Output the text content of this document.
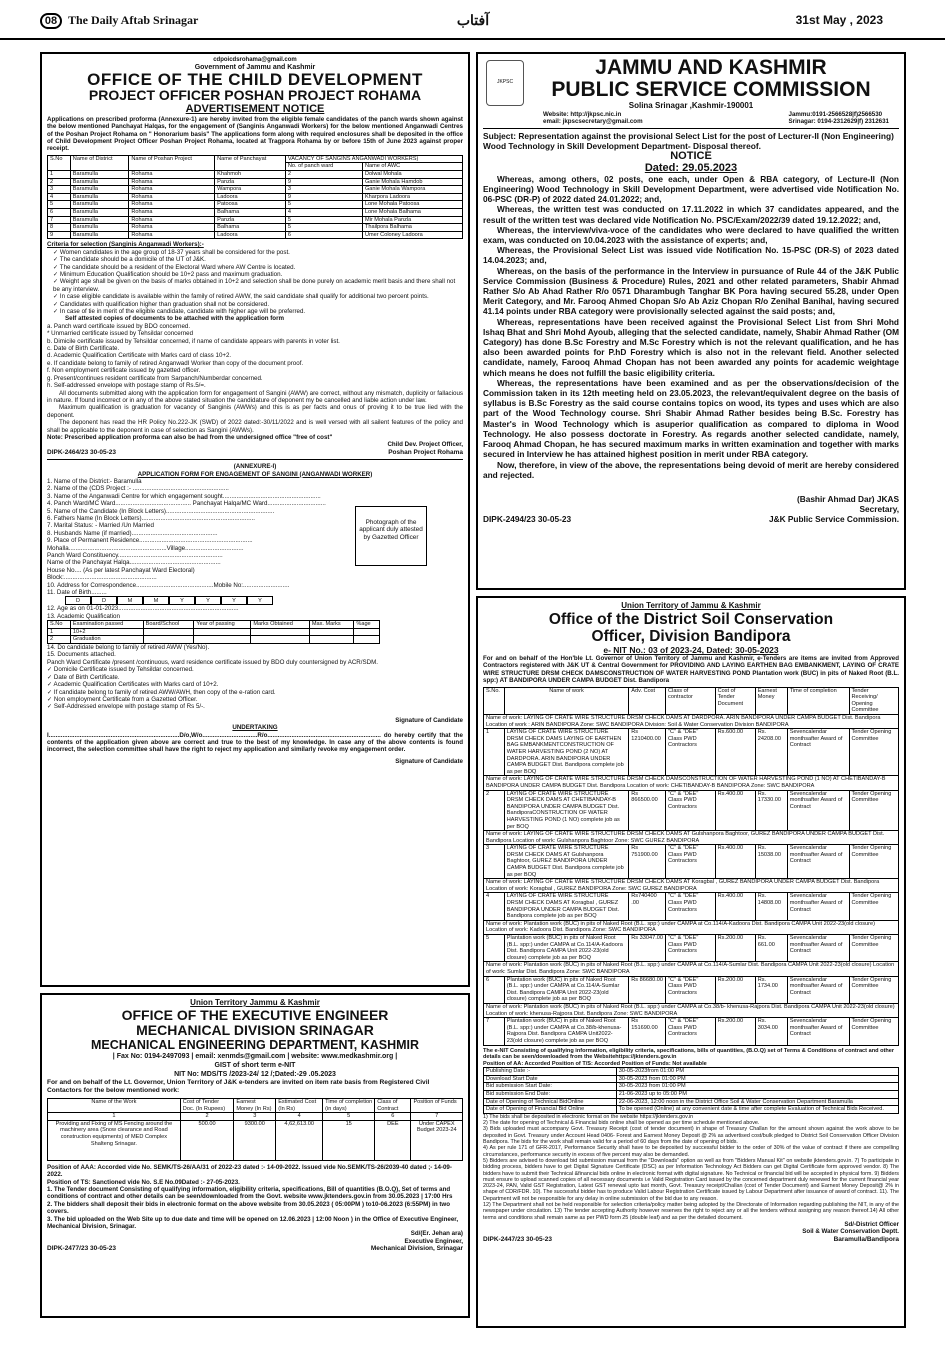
08 The Daily Aftab Srinagar	آفتاب	31st May , 2023
cdpoicdsrohama@gmail.com
Government of Jammu and Kashmir
OFFICE OF THE CHILD DEVELOPMENT
PROJECT OFFICER POSHAN PROJECT ROHAMA
ADVERTISEMENT NOTICE

Applications on prescribed proforma (Annexure-1) are hereby invited from the eligible female candidates of the panch wards shown against the below mentioned Panchayat Halqas, for the engagement of (Sanginis Anganwadi Workers) for the below mentioned Anganwadi Centres of the Poshan Project Rohama on " Honorarium basis" The applications form along with required enclosures shall be deposited in the office of Child Development Project Officer Poshan Project Rohama, located at Tragpora Rohama by or before 15th of June 2023 against proper receipt.

S.No	Name of District	Name of Poshan Project	Name of Panchayat	VACANCY OF SANGINS ANGANWADI WORKERS)	
				No. of panch ward	Name of AWC
1	Baramulla	Rohama	Khahmoh	2	Dolwal Mohala
2	Baramulla	Rohama	Panzla	9	Ganie Mohala Hamdob
3	Baramulla	Rohama	Wampora	3	Ganie Mohala Wampora
4	Baramulla	Rohama	Ladoora	9	Kharpora Ladoora
5	Baramulla	Rohama	Patoosa	5	Lone Mohala Patoosa
6	Baramulla	Rohama	Balhama	4	Lone Mohala Balhama
7	Baramulla	Rohama	Panzla	5	Mir Mohala Panzla
8	Baramulla	Rohama	Balhama	5	Thailpora Balhama
9	Baramulla	Rohama	Ladoora	6	Umer Coloney Ladoora

Criteria for selection (Sanginis Anganwadi Workers):-

✓ Women candidates in the age group of 18-37 years shall be considered for the post.

✓ The candidate should be a domicile of the UT of J&K.

✓ The candidate should be a resident of the Electoral Ward where AW Centre is located.

✓ Minimum Education Qualification should be 10+2 pass and maximum graduation.

✓ Weight age shall be given on the basis of marks obtained in 10+2 and selection shall be done purely on academic merit basis and there shall not be any interview.

✓ In case eligible candidate is available within the family of retired AWW, the said candidate shall qualify for additional two percent points.

✓ Candidates with qualification higher than graduation shall not be considered.

✓ In case of tie in merit of the eligible candidate, candidate with higher age will be preferred.

Self attested copies of documents to be attached with the application form

a. Panch ward certificate issued by BDO concerned.

* Unmarried certificate issued by Tehsildar concerned

b. Dimicile certificate issued by Tehsildar concerned, if name of candidate appears with parents in voter list.

c. Date of Birth Certificate.

d. Academic Qualification Certificate with Marks card of class 10+2.

e. If candidate belong to family of retired AnganwadI Worker than copy of the document proof.

f. Non employment certificate issued by gazetted officer.

g. Present/continues resident certificate from Sarpanch/Numberdar concerned.

h. Self-addressed envelope with postage stamp of Rs.5/=.

All documents submitted along with the application form for engagement of Sangini (AWW) are correct, without any mismatch, duplicity or fallacious in nature. If found incorrect or in any of the above stated situation the candidature of deponent my be cancelled and liable action under law.

Maximum qualification is graduation for vacancy of Sanginis (AWWs) and this is as per facts and onus of proving it to be true lied with the deponent.

The deponent has read the HR Policy No.222-JK (SWD) of 2022 dated:-30/11/2022 and is well versed with all sailent features of the policy and shall be applicable to the deponent in case of selection as Sangini (AWWs).

Note: Prescribed application proforma can also be had from the undersigned office "free of cost"

Child Dev. Project Officer,

DIPK-2464/23 30-05-23	Poshan Project Rohama

(ANNEXURE-I)

APPLICATION FORM FOR ENGAGEMENT OF SANGINI (ANGANWADI WORKER)

Photograph of the applicant duly attested by Gazetted Officer

1. Name of the District:- Baramulla

2. Name of the (CDS Project :- ........................................................

3. Name of the Anganwadi Centre for which engagement sought.........................................................

4. Panch Ward/MC Ward............................................ Panchayat Halqa/MC Ward..................................

5. Name of the Candidate (In Block Letters)...............................................................

6. Fathers Name (In Block Letters)..................................................................

7. Marital Status: - Married /Un Married

8. Husbands Name (if married)..................................................

9. Place of Permanent Residence..................................................................

Mohalla.........................................................Village..................................

Panch Ward Constituency.............................................................

Name of the Panchayat Halqa.....................................................

House No.... (As per latest Panchayat Ward Electoral)

Block:......................................................

10. Address for Correspondence.............................................Mobile No:...........................

11. Date of Birth.........

D	D	M	M	Y	Y	Y	Y

12. Age as on 01-01-2023......................................................................

13. Academic Qualification

S.No	Examination passed	Board/School	Year of passing	Marks Obtained	Max. Marks	%age
1	10+2					
2	Graduation					

14. Do candidate belong to family of retired AWW (Yes/No).

15. Documents attached.

Panch Ward Certificate /present /continuous, ward residence certificate issued by BDO duly countersigned by ACR/SDM.

✓ Domicile Certificate issued by Tehsildar concerned.

✓ Date of Birth Certificate.

✓ Academic Qualification Certificates with Marks card of 10+2.

✓ If candidate belong to family of retired AWW/AWH, then copy of the e-ration card.

✓ Non employment Certificate from a Gazetted Officer.

✓ Self-Addressed envelope with postage stamp of Rs 5/-.

Signature of Candidate

UNDERTAKING

I............................................................................D/o,W/o................................R/o.................................................................. do hereby certify that the contents of the application given above are correct and true to the best of my knowledge. In case any of the above contents is found incorrect, the selection committee shall have the right to reject my application and similarly revoke my engagement order.

Signature of Candidate

Union Territory Jammu & Kashmir
OFFICE OF THE EXECUTIVE ENGINEER
MECHANICAL DIVISION SRINAGAR
MECHANICAL ENGINEERING DEPARTMENT, KASHMIR

| Fax No: 0194-2497093 | email: xenmds@gmail.com | website: www.medkashmir.org |

GIST of short term e-NIT

NIT No: MDS/TS /2023-24/ 12 /;Dated:-29 .05.2023

For and on behalf of the Lt. Governor, Union Territory of J&K e-tenders are invited on item rate basis from Registered Civil Contactors for the below mentioned work:

Name of the Work	Cost of Tender Doc. (In Rupees)	Earnest Money (In Rs)	Estimated Cost (In Rs)	Time of completion (in days)	Class of Contract	Position of Funds
1	2	3	4	5	6	7
Providing and Fixing of MS Fencing around the machinery area (Snow clearance and Road construction equipments) of MED Complex Shalteng Srinagar.	500.00	9300.00	4,62,613.00	15	DEE	Under CAPEX Budget 2023-24

Position of AAA: Accorded vide No. SEMK/TS-26/AA/31 of 2022-23 dated :- 14-09-2022. Issued vide No.SEMK/TS-26/2039-40 dated ;- 14-09-2022.

Position of TS: Sanctioned vide No. S.E No.09Dated :- 27-05-2023.

1. The Tender document Consisting of qualifying information, eligibility criteria, specifications, Bill of quantities (B.O.Q), Set of terms and conditions of contract and other details can be seen/downloaded from the Govt. website www.jktenders.gov.in from 30.05.2023 | 17:00 Hrs

2. The bidders shall deposit their bids in electronic format on the above website from 30.05.2023 ( 05:00PM ) to10-06.2023 (6:55PM) in two covers.

3. The bid uploaded on the Web Site up to due date and time will be opened on 12.06.2023 | 12:00 Noon ) in the Office of Executive Engineer, Mechanical Division, Srinagar.

Sd/(Er. Jehan ara)

Executive Engineer,

DIPK-2477/23 30-05-23	Mechanical Division, Srinagar
JKPSC
JAMMU AND KASHMIR
PUBLIC SERVICE COMMISSION

Solina Srinagar ,Kashmir-190001

Website: http://jkpsc.nic.in

email: jkpscsecretary@gmail.com

Jammu:0191-2566528|f)2566530

Srinagar: 0194-2312629|f) 2312631

Subject: Representation against the provisional Select List for the post of Lecturer-II (Non Engineering) Wood Technology in Skill Development Department- Disposal thereof.

NOTICE

Dated: 29.05.2023

Whereas, among others, 02 posts, one each, under Open & RBA category, of Lecture-II (Non Engineering) Wood Technology in Skill Development Department, were advertised vide Notification No. 06-PSC (DR-P) of 2022 dated 24.01.2022; and,

Whereas, the written test was conducted on 17.11.2022 in which 37 candidates appeared, and the result of the written test was declared vide Notification No. PSC/Exam/2022/39 dated 19.12.2022; and,

Whereas, the interview/viva-voce of the candidates who were declared to have qualified the written exam, was conducted on 10.04.2023 with the assistance of experts; and,

Whereas, the Provisional Select List was issued vide Notification No. 15-PSC (DR-S) of 2023 dated 14.04.2023; and,

Whereas, on the basis of the performance in the Interview in pursuance of Rule 44 of the J&K Public Service Commission (Business & Procedure) Rules, 2021 and other related parameters, Shabir Ahmad Rather S/o Ab Ahad Rather R/o 0571 Dharambugh Tanghar BK Pora having secured 55.28, under Open Merit Category, and Mr. Farooq Ahmed Chopan S/o Ab Aziz Chopan R/o Zenihal Banihal, having secured 41.14 points under RBA category were provisionally selected against the said posts; and,

Whereas, representations have been received against the Provisional Select List from Shri Mohd Ishaq Bhat and Shri Mohd Ayoub, alleging that the selected candidate, namely, Shabir Ahmad Rather (OM Category) has done B.Sc Forestry and M.Sc Forestry which is not the relevant qualification, and he has also been awarded points for P.hD Forestry which is also not in the relevant field. Another selected candidate, namely, Farooq Ahmad Chopan has not been awarded any points for academic weightage which means he does not fulfill the basic eligibility criteria.

Whereas, the representations have been examined and as per the observations/decision of the Commission taken in its 12th meeting held on 23.05.2023, the relevant/equivalent degree on the basis of syllabus is B.Sc Forestry as the said course contains topics on wood, its types and uses which are also part of the Wood Technology course. Shri Shabir Ahmad Rather besides being B.Sc. Forestry has Master's in Wood Technology which is asuperior qualification as compared to diploma in Wood Technology. He also possess doctorate in Forestry. As regards another selected candidate, namely, Farooq Ahmad Chopan, he has secured maximum marks in written examination and together with marks secured in Interview he has attained highest position in merit under RBA category.

Now, therefore, in view of the above, the representations being devoid of merit are hereby considered and rejected.

(Bashir Ahmad Dar) JKAS

Secretary,

DIPK-2494/23 30-05-23	J&K Public Service Commission.
Union Territory of Jammu & Kashmir
Office of the District Soil Conservation
Officer, Division Bandipora

e- NIT No.: 03 of 2023-24, Dated: 30-05-2023

For and on behalf of the Hon'ble Lt. Governor of Union Territory of Jammu and Kashmir, e-Tenders are items are invited from Approved Contractors registered with J&K UT & Central Government for PROVIDING AND LAYING EARTHEN BAG EMBANKMENT, LAYING OF CRATE WIRE STRUCTURE DRSM CHECK DAMSCONSTRUCTION OF WATER HARVESTING POND Plantation work (BUC) in pits of Naked Root (B.L. spp:) AT BANDIPORA UNDER CAMPA BUDGET Dist. Bandipora

S.No.	Name of work	Adv. Cost	Class of contractor	Cost of Tender Document	Earnest Money	Time of completion	Tender Receiving/ Opening Committee
Name of work: LAYING OF CRATE WIRE STRUCTURE DRSM CHECK DAMS AT DARDPORA. ARIN BANDIPORA UNDER CAMPA BUDGET Dist. Bandipora Location of work : ARIN BANDIPORA Zone: SWC BANDIPORA Division: Soil & Water Conservation Division BANDIPORA							
1	LAYING OF CRATE WIRE STRUCTURE DRSM CHECK DAMS LAYING OF EARTHEN BAG EMBANKMENTCONSTRUCTION OF WATER HARVESTING POND (2 NO) AT DARDPORA. ARIN BANDIPORA UNDER CAMPA BUDGET Dist. Bandipora complete job as per BOQ	Rs 1210400.00	"C" & "DEE" Class PWD Contractors	Rs.600.00	Rs. 24208.00	Sevencalendar monthsafter Award of Contract	Tender Opening Committee
Name of work: LAYING OF CRATE WIRE STRUCTURE DRSM CHECK DAMSCONSTRUCTION OF WATER HARVESTING POND (1 NO) AT CHETIBANDAY-B BANDIPORA UNDER CAMPA BUDGET Dist. Bandipora Location of work: CHETIBANDAY-B BANDIPORA Zone: SWC BANDIPORA							
2	LAYING OF CRATE WIRE STRUCTURE DRSM CHECK DAMS AT CHETIBANDAY-B BANDIPORA UNDER CAMPA BUDGET Dist. BandiporaCONSTRUCTION OF WATER HARVESTING POND (1 NO) complete job as per BOQ	Rs 866500.00	"C" & "DEE" Class PWD Contractors	Rs.400.00	Rs. 17330.00	Sevencalendar monthsafter Award of Contract	Tender Opening Committee
Name of work: LAYING OF CRATE WIRE STRUCTURE DRSM CHECK DAMS AT Gulshanpora Baghtoor, GUREZ BANDIPORA UNDER CAMPA BUDGET Dist. Bandipora Location of work: Gulshanpora Baghtoor Zone: SWC GUREZ BANDIPORA							
3	LAYING OF CRATE WIRE STRUCTURE DRSM CHECK DAMS AT Gulshanpora Baghtoor, GUREZ BANDIPORA UNDER CAMPA BUDGET Dist. Bandipora complete job as per BOQ	Rs 751900.00	"C" & "DEE" Class PWD Contractors	Rs.400.00	Rs. 15038.00	Sevencalendar monthsafter Award of Contract	Tender Opening Committee
Name of work: LAYING OF CRATE WIRE STRUCTURE DRSM CHECK DAMS AT Koragbal , GUREZ BANDIPORA UNDER CAMPA BUDGET Dist. Bandipora Location of work: Koragbal , GUREZ BANDIPORA Zone: SWC GUREZ BANDIPORA							
4	LAYING OF CRATE WIRE STRUCTURE DRSM CHECK DAMS AT Koragbal , GUREZ BANDIPORA UNDER CAMPA BUDGET Dist. Bandipora complete job as per BOQ	Rs740400 .00	"C" & "DEE" Class PWD Contractors	Rs.400.00	Rs. 14808.00	Sevencalendar monthsafter Award of Contract	Tender Opening Committee
Name of work: Plantation work (BUC) in pits of Naked Root (B.L. spp:) under CAMPA at Co.114/A-Kadoora Dist. Bandipora CAMPA Unit 2022-23(old closure) Location of work: Kadoora Dist. Bandipora Zone: SWC BANDIPORA							
5	Plantation work (BUC) in pits of Naked Root (B.L. spp:) under CAMPA at Co.114/A-Kadoora Dist. Bandipora CAMPA Unit 2022-23(old closure) complete job as per BOQ	Rs 33047.00	"C" & "DEE" Class PWD Contractors	Rs.200.00	Rs. 661.00	Sevencalendar monthsafter Award of Contract	Tender Opening Committee
Name of work: Plantation work (BUC) in pits of Naked Root (B.L. spp:) under CAMPA at Co.114/A-Sumlar Dist. Bandipora CAMPA Unit 2022-23(old closure) Location of work: Sumlar Dist. Bandipora Zone: SWC BANDIPORA							
6	Plantation work (BUC) in pits of Naked Root (B.L. spp:) under CAMPA at Co.114/A-Sumlar Dist. Bandipora CAMPA Unit 2022-23(old closure) complete job as per BOQ	Rs 86680.00	"C" & "DEE" Class PWD Contractors	Rs.200.00	Rs. 1734.00	Sevencalendar monthsafter Award of Contract	Tender Opening Committee
Name of work: Plantation work (BUC) in pits of Naked Root (B.L. spp:) under CAMPA at Co.38/b- khenusa-Rajpora Dist. Bandipora CAMPA Unit 2022-23(old closure) Location of work: khenusa-Rajpora Dist. Bandipora Zone: SWC BANDIPORA							
7	Plantation work (BUC) in pits of Naked Root (B.L. spp:) under CAMPA at Co.38/b-khenusa-Rajpora Dist. Bandipora CAMPA Unit2022-23(old closure) complete job as per BOQ	Rs 151690.00	"C" & "DEE" Class PWD Contractors	Rs.200.00	Rs. 3034.00	Sevencalendar monthsafter Award of Contract	Tender Opening Committee

The e-NIT Consisting of qualifying information, eligibility criteria, specifications, bills of quantities, (B.O.Q) set of Terms & Conditions of contract and other details can be seen/downloaded from the Websitehttps://jktenders.gov.in

Position of AA: Accorded Position of T/S: Accorded Position of Funds: Not available

Publishing Date :-	30-05-2023from 01:00 PM
Download Start Date	30-05-2023 from 01:00 PM
Bid submission Start Date:	30-05-2023 from 01:00 PM
Bid submission End Date:	21-06-2023 up to 05:00 PM
Date of Opening of Technical BidOnline	22-06-2023, 12:00 noon in the District Office Soil & Water Conservation Department Baramulla
Date of Opening of Financial Bid Online	To be opened (Online) at any convenient date & time after complete Evaluation of Technical Bids Received.

1) The bids shall be deposited in electronic format on the website https://jktenders.gov.in

2) The date for opening of Technical & Financial bids online shall be opened as per time schedule mentioned above.

3) Bids uploaded must accompany Govt. Treasury Receipt (cost of tender document) in shape of Treasury Challan for the amount shown against the work above to be deposited in Govt. Treasury under Account Head 0406- Forest and Earnest Money Deposit @ 2% as advertised cost/bulk pledged to District Soil Conservation Officer Division Bandipora. The bids for the work shall remain valid for a period of 60 days from the date of opening of bids.

4) As per rule 171 of GFR-2017, Performance Security shall have to be deposited by successful bidder to the order of 30% of the value of contract if there are compelling circumstances, performance security in excess of five percent may also be demanded.

5) Bidders are advised to download bid submission manual from the "Downloads" option as well as from "Bidders Manual Kit" on website jktenders.gov.in. 7) To participate in bidding process, bidders have to get Digital Signature Certificate (DSC) as per Information Technology Act Bidders can get Digital Certificate form approved vendor. 8) The bidders have to submit their Technical &financial bids online in electronic format with digital signature. No Technical or financial bid will be accepted in physical form. 9) Bidders must ensure to upload scanned copies of all necessary documents i.e Valid Registration Card issued by the concerned department duly renewed for the current financial year 2023-24, PAN, Valid GST Registration, Latest GST renewal upto last month, Govt. Treasury receipt/Challan (cost of Tender Document) and Earnest Money Deposit@ 2% in shape of CDR/FDR. 10). The successful bidder has to produce Valid Labour Registration Certificate issued by Labour Department after issuance of award of contract. 11). The Department will not be responsible for any delay in online submission of the bid due to any reason.

12) The Department shall not be held responsible for selection criteria/policy matter being adopted by the Directorate of Information regarding publishing the NIT, in any of the newspaper under circulation. 13) The tender accepting Authority however reserves the right to reject any or all the tenders without assigning any reason thereof.14) All other terms and conditions shall remain same as per PWD form 25 (double leaf) and as per the detailed document.

Sd/-District Officer

Soil & Water Conservation Deptt.

DIPK-2447/23 30-05-23	Baramulla/Bandipora
